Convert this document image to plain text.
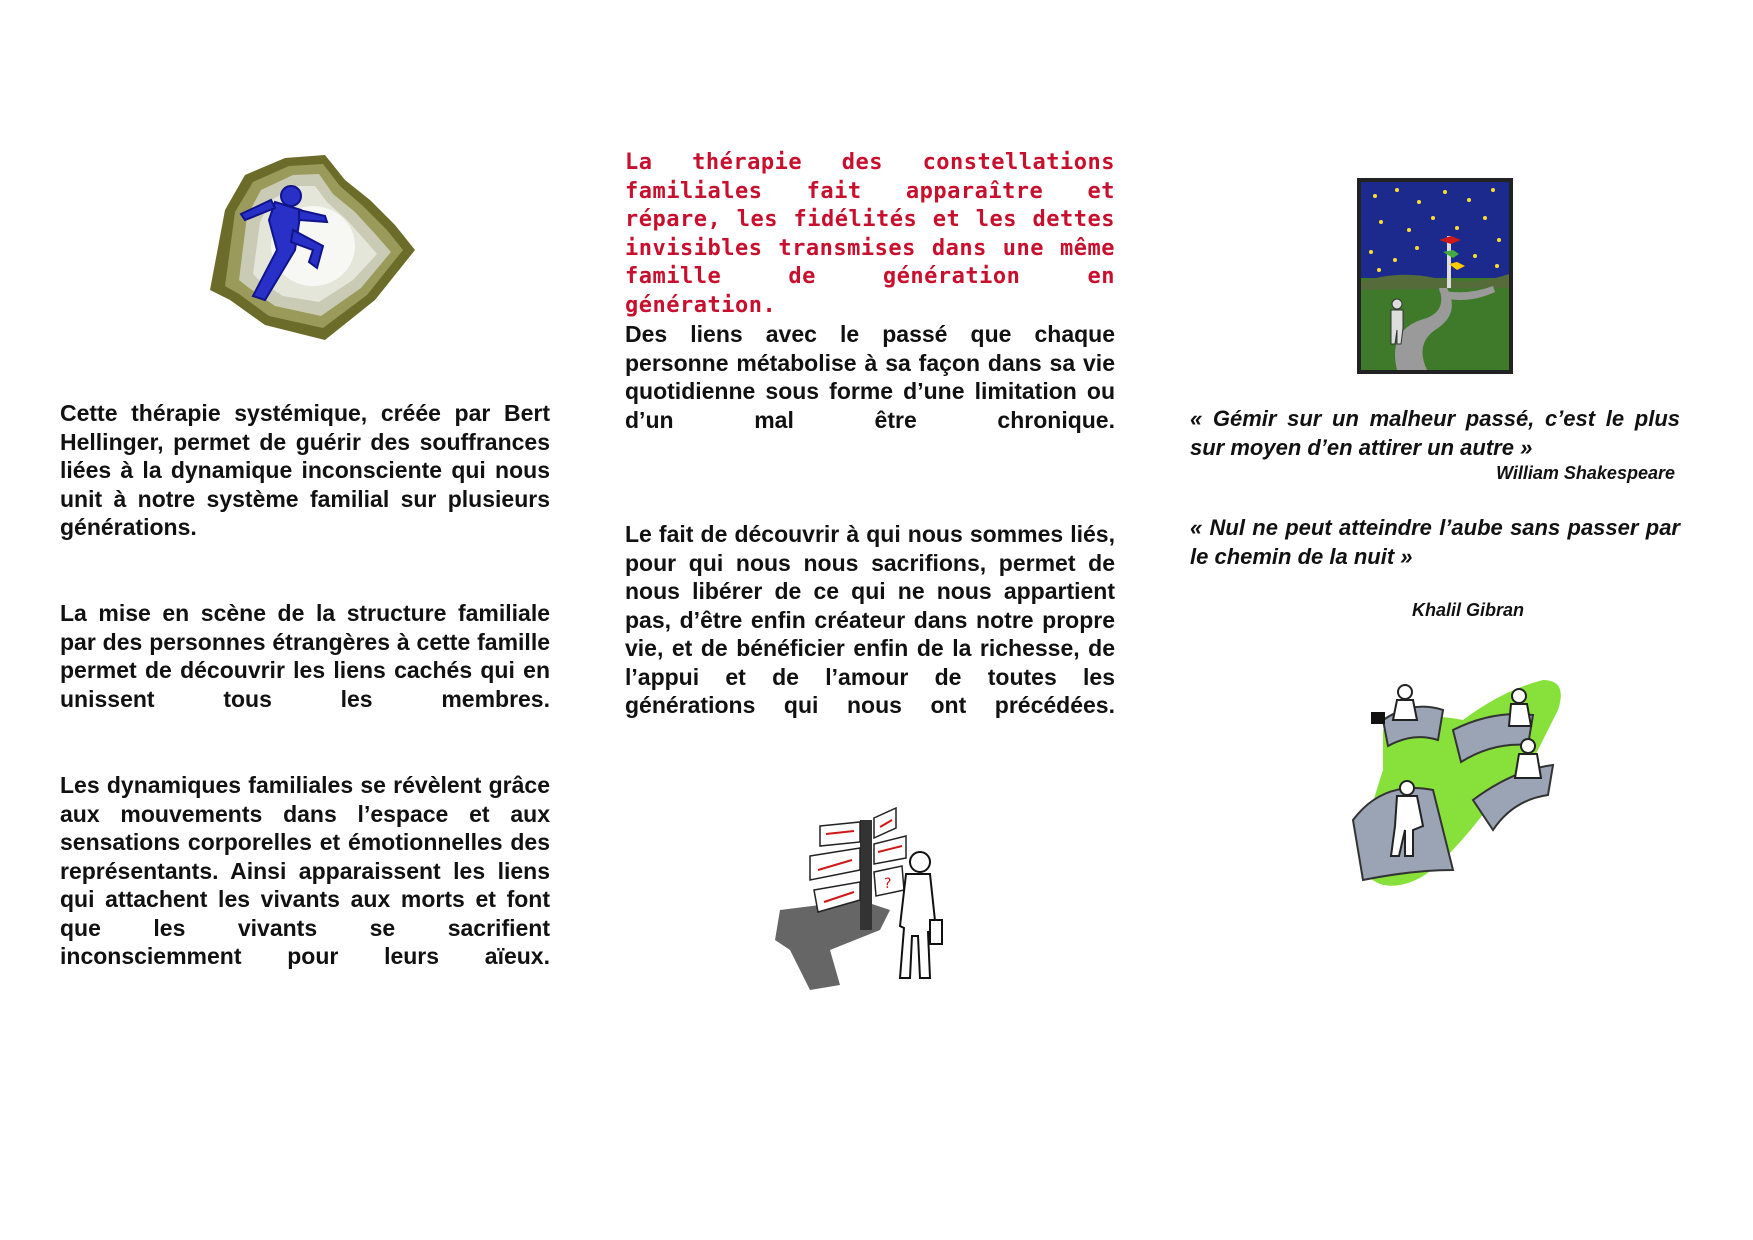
Cette thérapie systémique, créée par Bert Hellinger, permet de guérir des souffrances liées à la dynamique inconsciente qui nous unit à notre système familial sur plusieurs générations.

La mise en scène de la structure familiale par des personnes étrangères à cette famille permet de découvrir les liens cachés qui en unissent tous les membres.

Les dynamiques familiales se révèlent grâce aux mouvements dans l’espace et aux sensations corporelles et émotionnelles des représentants. Ainsi apparaissent les liens qui attachent les vivants aux morts et font que les vivants se sacrifient inconsciemment pour leurs aïeux.

La thérapie des constellations familiales fait apparaître et répare, les fidélités et les dettes invisibles transmises dans une même famille de génération en génération.

Des liens avec le passé que chaque personne métabolise à sa façon dans sa vie quotidienne sous forme d’une limitation ou d’un mal être chronique.

Le fait de découvrir à qui nous sommes liés, pour qui nous nous sacrifions, permet de nous libérer de ce qui ne nous appartient pas, d’être enfin créateur dans notre propre vie, et de bénéficier enfin de la richesse, de l’appui et de l’amour de toutes les générations qui nous ont précédées.

?

« Gémir sur un malheur passé, c’est le plus sur moyen d’en attirer un autre »

William Shakespeare

« Nul ne peut atteindre l’aube sans passer par le chemin de la nuit »

Khalil Gibran
